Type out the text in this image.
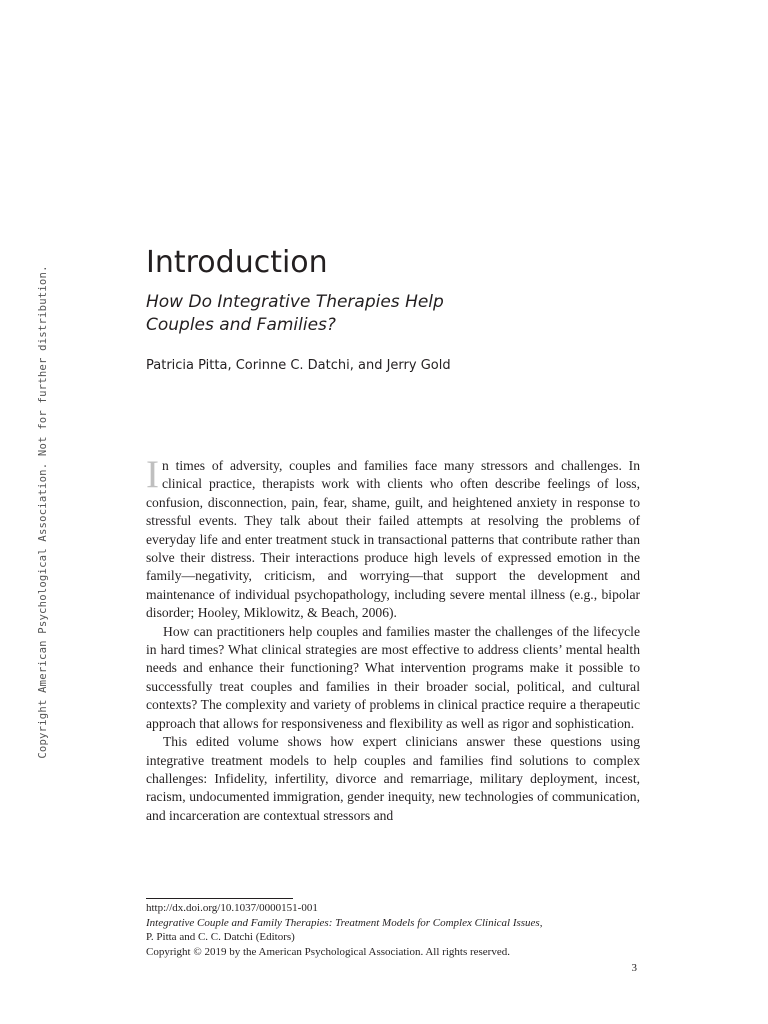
Copyright American Psychological Association. Not for further distribution.
Introduction
How Do Integrative Therapies Help
Couples and Families?
Patricia Pitta, Corinne C. Datchi, and Jerry Gold

In times of adversity, couples and families face many stressors and challenges. In clinical practice, therapists work with clients who often describe feelings of loss, confusion, disconnection, pain, fear, shame, guilt, and heightened anxiety in response to stressful events. They talk about their failed attempts at resolving the problems of everyday life and enter treatment stuck in transactional patterns that contribute rather than solve their distress. Their interactions produce high levels of expressed emotion in the family—negativity, criticism, and worrying—that support the development and maintenance of individual psychopathology, including severe mental illness (e.g., bipolar disorder; Hooley, Miklowitz, & Beach, 2006).

How can practitioners help couples and families master the challenges of the lifecycle in hard times? What clinical strategies are most effective to address clients’ mental health needs and enhance their functioning? What intervention programs make it possible to successfully treat couples and families in their broader social, political, and cultural contexts? The complexity and variety of problems in clinical practice require a therapeutic approach that allows for responsiveness and flexibility as well as rigor and sophistication.

This edited volume shows how expert clinicians answer these questions using integrative treatment models to help couples and families find solutions to complex challenges: Infidelity, infertility, divorce and remarriage, military deployment, incest, racism, undocumented immigration, gender inequity, new technologies of communication, and incarceration are contextual stressors and

http://dx.doi.org/10.1037/0000151-001
Integrative Couple and Family Therapies: Treatment Models for Complex Clinical Issues,
P. Pitta and C. C. Datchi (Editors)
Copyright © 2019 by the American Psychological Association. All rights reserved.
3
